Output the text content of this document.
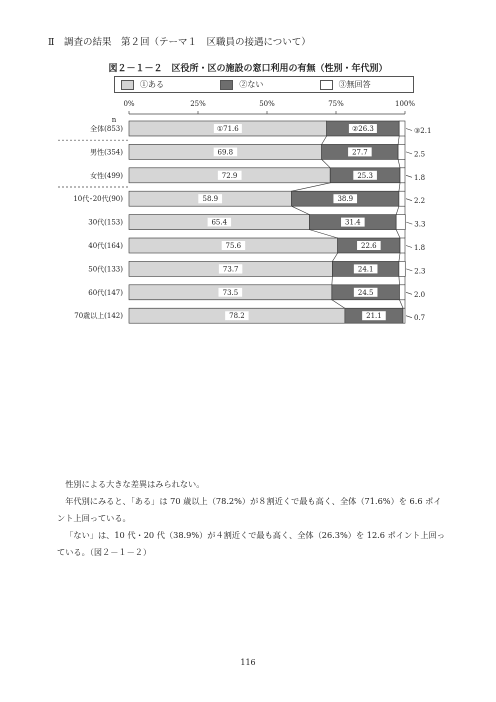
Ⅱ　調査の結果　第２回（テーマ１　区職員の接遇について）
図２－１－２　区役所・区の施設の窓口利用の有無（性別・年代別）
①ある	②ない	③無回答
0%	25%	50%	75%	100%
n
全体(853)	①71.6	②26.3	③2.1
男性(354)	69.8	27.7	2.5
女性(499)	72.9	25.3	1.8
10代･20代(90)	58.9	38.9	2.2
30代(153)	65.4	31.4	3.3
40代(164)	75.6	22.6	1.8
50代(133)	73.7	24.1	2.3
60代(147)	73.5	24.5	2.0
70歳以上(142)	78.2	21.1	0.7

性別による大きな差異はみられない。

年代別にみると、「ある」は 70 歳以上（78.2%）が８割近くで最も高く、全体（71.6%）を 6.6 ポイント上回っている。

「ない」は、10 代・20 代（38.9%）が４割近くで最も高く、全体（26.3%）を 12.6 ポイント上回っている。（図２－１－２）

116
